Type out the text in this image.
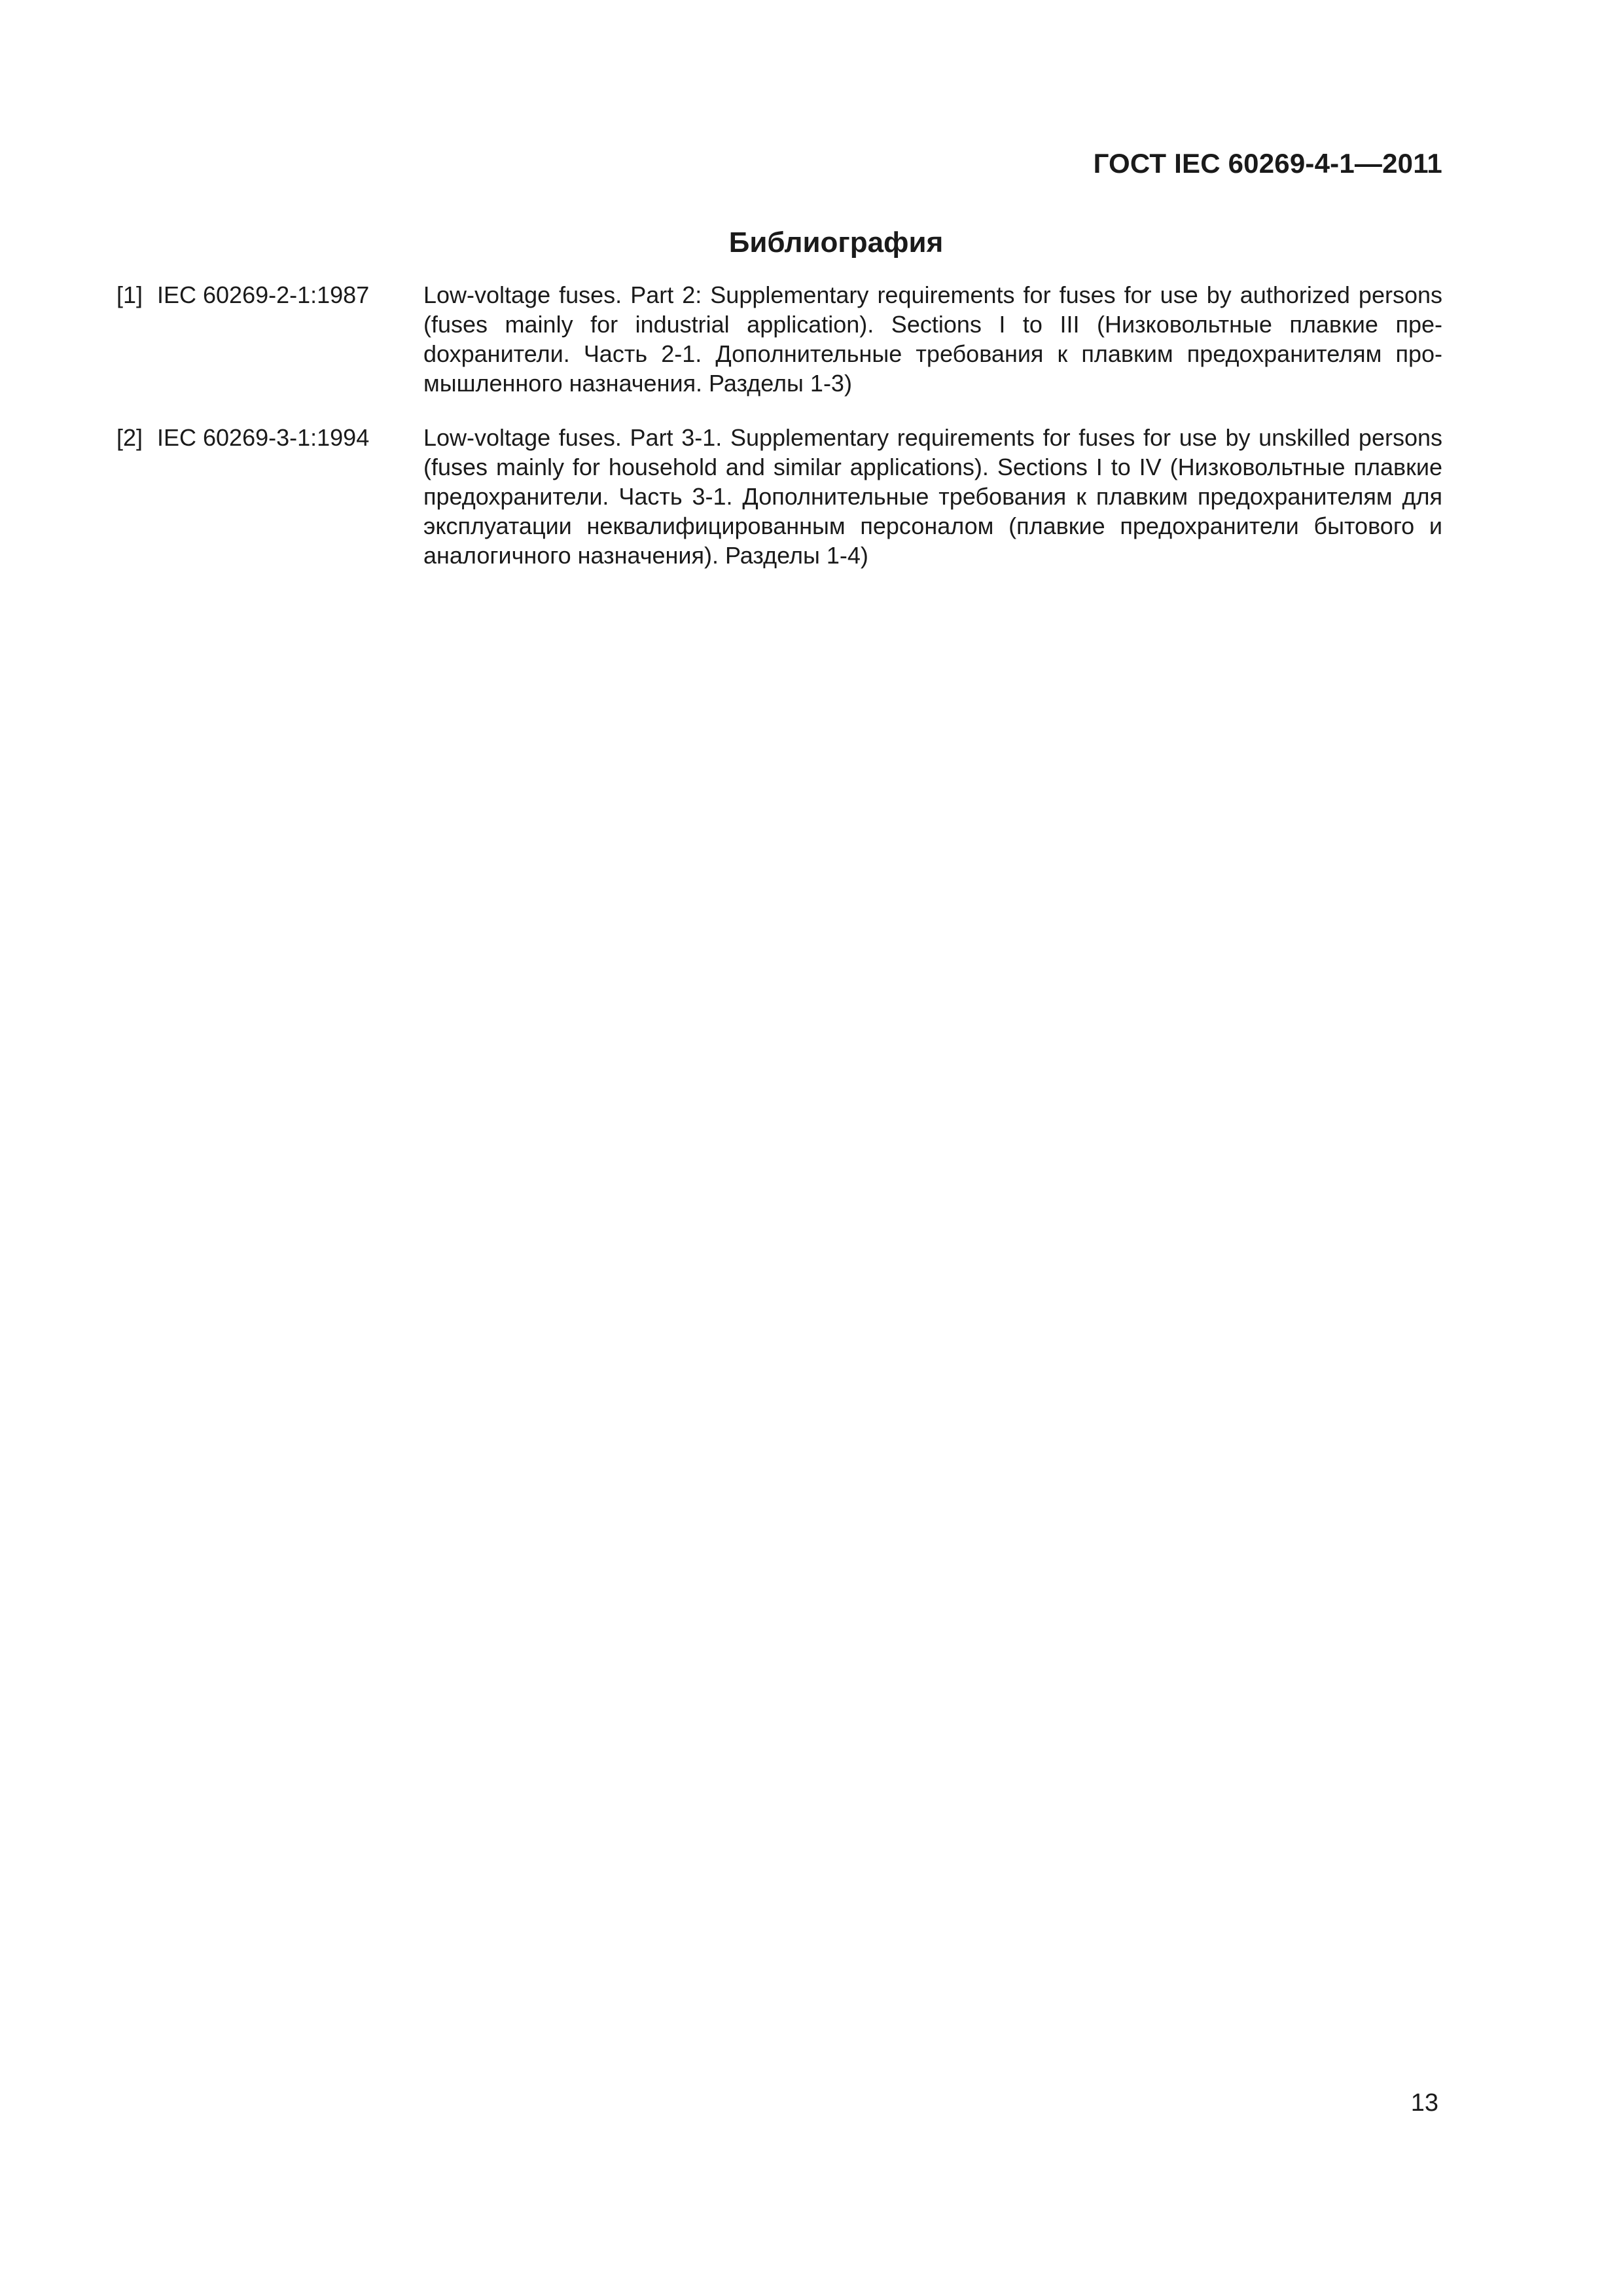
ГОСТ IEC 60269-4-1—2011
Библиография
[1] IEC 60269-2-1:1987	Low-voltage fuses. Part 2: Supplementary requirements for fuses for use by authorized persons (fuses mainly for industrial application). Sections I to III (Низковольтные плавкие преdохранители. Часть 2-1. Дополнительные требования к плавким предохранителям промышленного назначения. Разделы 1-3)
[2] IEC 60269-3-1:1994	Low-voltage fuses. Part 3-1. Supplementary requirements for fuses for use by unskilled persons (fuses mainly for household and similar applications). Sections I to IV (Низковольтные плавкие предохранители. Часть 3-1. Дополнительные требования к плавким предохранителям для эксплуатации неквалифицированным персоналом (плавкие предохранители бытового и аналогичного назначения). Разделы 1-4)
13
